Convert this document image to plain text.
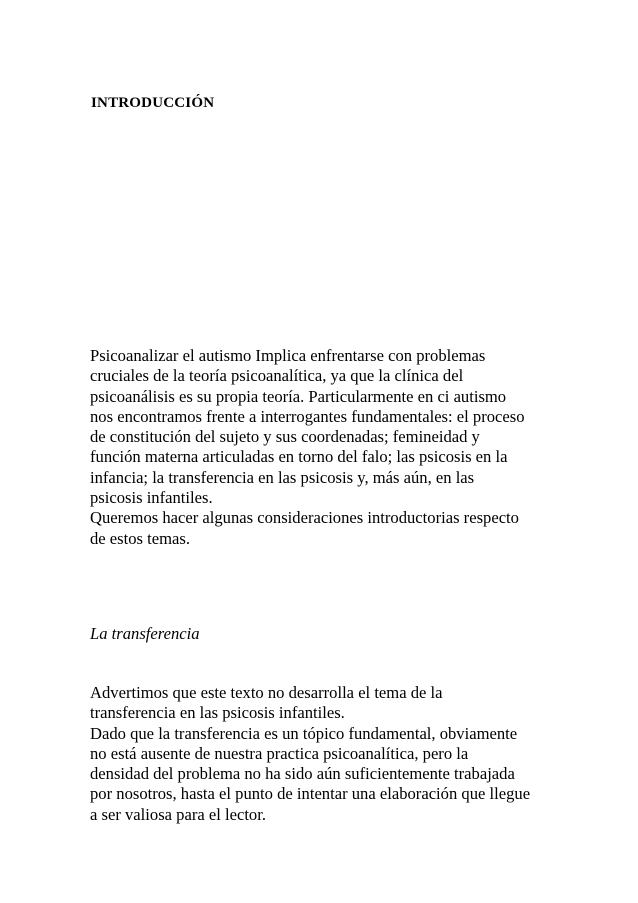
INTRODUCCIÓN

Psicoanalizar el autismo Implica enfrentarse con problemas
cruciales de la teoría psicoanalítica, ya que la clínica del
psicoanálisis es su propia teoría. Particularmente en ci autismo
nos encontramos frente a interrogantes fundamentales: el proceso
de constitución del sujeto y sus coordenadas; femineidad y
función materna articuladas en torno del falo; las psicosis en la
infancia; la transferencia en las psicosis y, más aún, en las
psicosis infantiles.
Queremos hacer algunas consideraciones introductorias respecto
de estos temas.

La transferencia

Advertimos que este texto no desarrolla el tema de la
transferencia en las psicosis infantiles.
Dado que la transferencia es un tópico fundamental, obviamente
no está ausente de nuestra practica psicoanalítica, pero la
densidad del problema no ha sido aún suficientemente trabajada
por nosotros, hasta el punto de intentar una elaboración que llegue
a ser valiosa para el lector.
